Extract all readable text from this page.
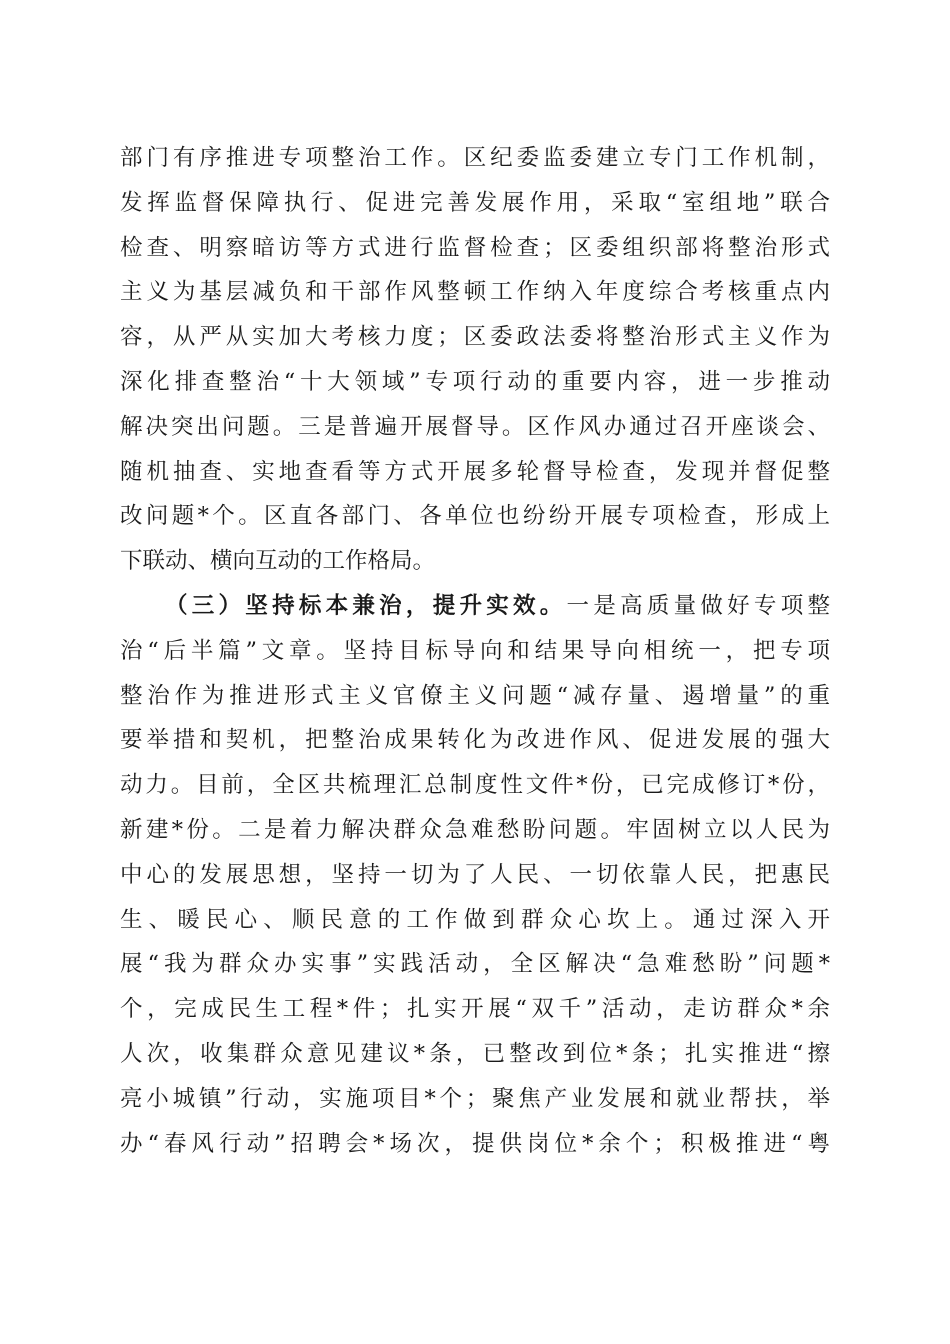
部门有序推进专项整治工作。区纪委监委建立专门工作机制，
发挥监督保障执行、促进完善发展作用，采取“室组地”联合
检查、明察暗访等方式进行监督检查；区委组织部将整治形式
主义为基层减负和干部作风整顿工作纳入年度综合考核重点内
容，从严从实加大考核力度；区委政法委将整治形式主义作为
深化排查整治“十大领域”专项行动的重要内容，进一步推动
解决突出问题。三是普遍开展督导。区作风办通过召开座谈会、
随机抽查、实地查看等方式开展多轮督导检查，发现并督促整
改问题*个。区直各部门、各单位也纷纷开展专项检查，形成上
下联动、横向互动的工作格局。
（三）坚持标本兼治，提升实效。一是高质量做好专项整
治“后半篇”文章。坚持目标导向和结果导向相统一，把专项
整治作为推进形式主义官僚主义问题“减存量、遏增量”的重
要举措和契机，把整治成果转化为改进作风、促进发展的强大
动力。目前，全区共梳理汇总制度性文件*份，已完成修订*份，
新建*份。二是着力解决群众急难愁盼问题。牢固树立以人民为
中心的发展思想，坚持一切为了人民、一切依靠人民，把惠民
生、暖民心、顺民意的工作做到群众心坎上。通过深入开
展“我为群众办实事”实践活动，全区解决“急难愁盼”问题*
个，完成民生工程*件；扎实开展“双千”活动，走访群众*余
人次，收集群众意见建议*条，已整改到位*条；扎实推进“擦
亮小城镇”行动，实施项目*个；聚焦产业发展和就业帮扶，举
办“春风行动”招聘会*场次，提供岗位*余个；积极推进“粤
